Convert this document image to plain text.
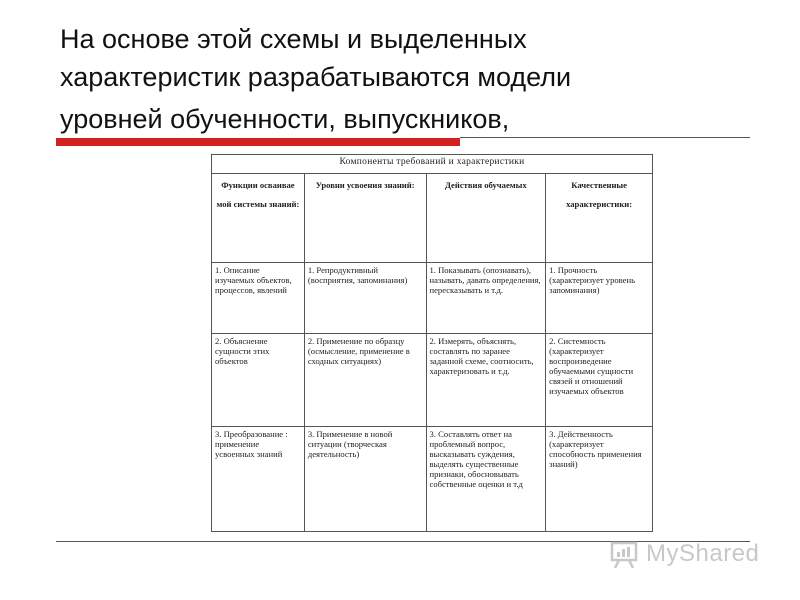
На основе этой схемы и выделенных
характеристик разрабатываются модели
уровней обученности, выпускников,
Компоненты требований и характеристики			
Функции осваивае мой системы знаний:	Уровни усвоения знаний:	Действия обучаемых	Качественные характеристики:
1. Описание изучаемых объектов, процессов, явлений	1. Репродуктивный (восприятия, запоминания)	1. Показывать (опознавать), называть, давать определения, пересказывать и т.д.	1. Прочность (характеризует уровень запоминания)
2. Объяснение сущности этих объектов	2. Применение по образцу (осмысление, применение в сходных ситуациях)	2. Измерять, объяснять, составлять по заранее заданной схеме, соотносить, характеризовать и т.д.	2. Системность (характеризует воспроизведение обучаемыми сущности связей и отношений изучаемых объектов
3. Преобразование : применение усвоенных знаний	3. Применение в новой ситуации (творческая деятельность)	3. Составлять ответ на проблемный вопрос, высказывать суждения, выделять существенные признаки, обосновывать собственные оценки и т.д	3. Действенность (характеризует способность применения знаний)
MyShared
